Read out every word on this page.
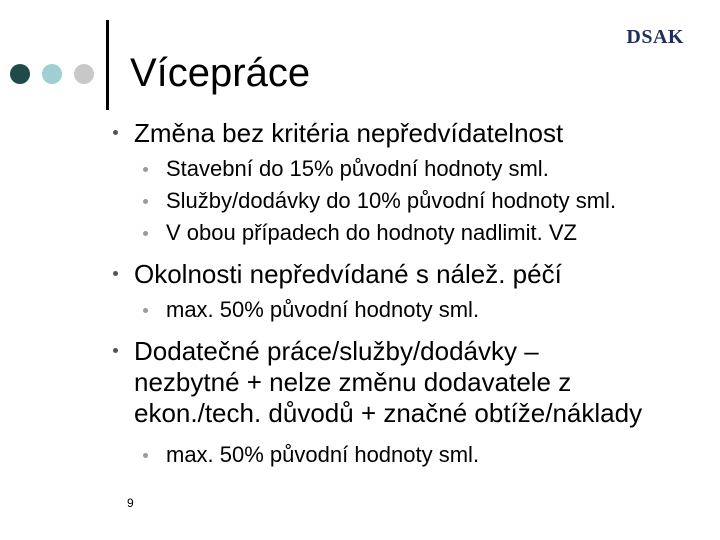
DSAK
Vícepráce
Změna bez kritéria nepředvídatelnost
Stavební do 15% původní hodnoty sml.
Služby/dodávky do 10% původní hodnoty sml.
V obou případech do hodnoty nadlimit. VZ
Okolnosti nepředvídané s nálež. péčí
max. 50% původní hodnoty sml.
Dodatečné práce/služby/dodávky – nezbytné + nelze změnu dodavatele z ekon./tech. důvodů + značné obtíže/náklady
max. 50% původní hodnoty sml.
9
